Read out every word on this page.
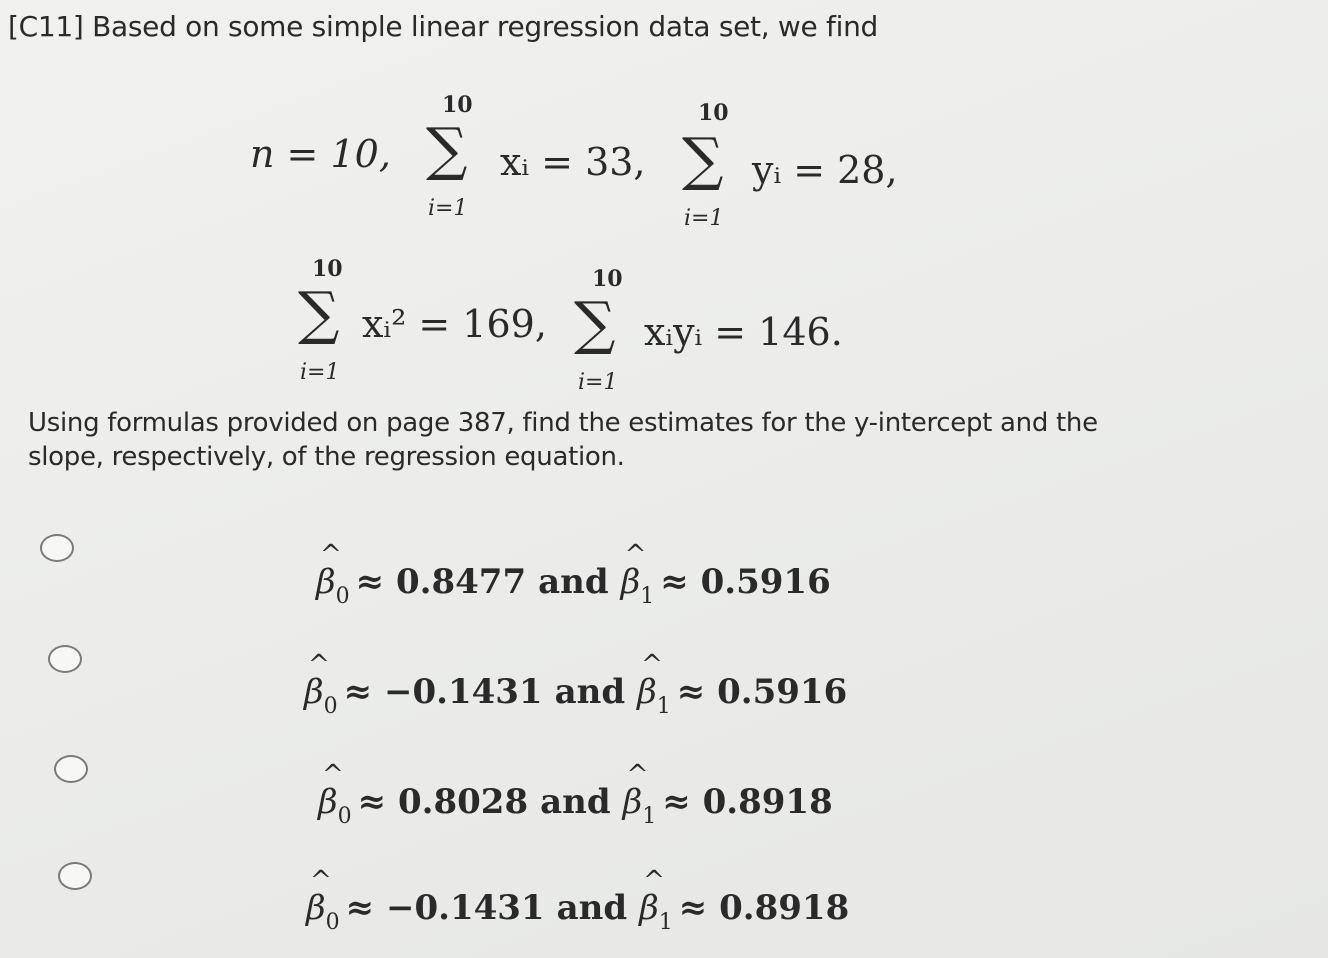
[C11] Based on some simple linear regression data set, we find
n = 10,
10
∑
i=1
xᵢ = 33,
10
∑
i=1
yᵢ = 28,
10
∑
i=1
xᵢ² = 169,
10
∑
i=1
xᵢyᵢ = 146.
Using formulas provided on page 387, find the estimates for the y-intercept and the slope, respectively, of the regression equation.
^
$\beta_0 \approx 0.8477$ and
^
$\beta_1 \approx 0.5916$
^
$\beta_0 \approx -0.1431$ and
^
$\beta_1 \approx 0.5916$
^
$\beta_0 \approx 0.8028$ and
^
$\beta_1 \approx 0.8918$
^
$\beta_0 \approx -0.1431$ and
^
$\beta_1 \approx 0.8918$
